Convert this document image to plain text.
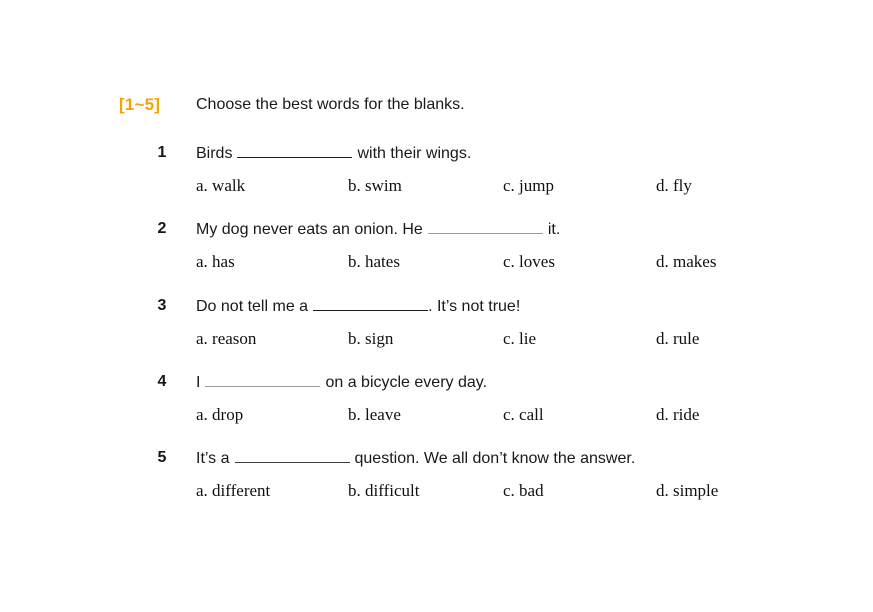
[1~5] Choose the best words for the blanks.
1	Birds	with their wings.
a. walk	b. swim	c. jump	d. fly
2	My dog never eats an onion. He	it.
a. has	b. hates	c. loves	d. makes
3	Do not tell me a	. It’s not true!
a. reason	b. sign	c. lie	d. rule
4	I	on a bicycle every day.
a. drop	b. leave	c. call	d. ride
5	It’s a	question. We all don’t know the answer.
a. different	b. difficult	c. bad	d. simple
